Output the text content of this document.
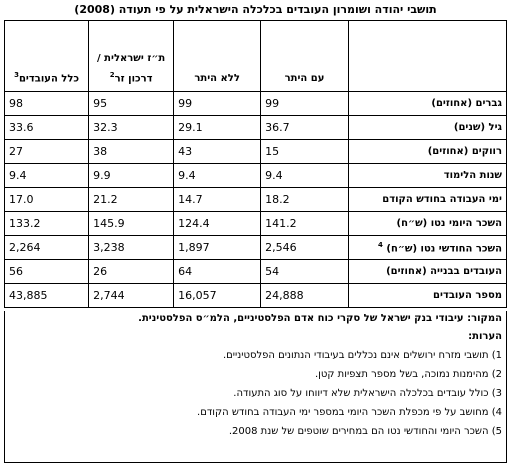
תושבי יהודה ושומרון העובדים בכלכלה הישראלית על פי תעודה (2008)
	עם היתר	ללא היתר	ת״ז ישראלית / דרכון זר$^2$	כלל העובדים$^3$
גברים (אחוזים)	99	99	95	98
גיל (שנים)	36.7	29.1	32.3	33.6
רווקים (אחוזים)	15	43	38	27
שנות הלימוד	9.4	9.4	9.9	9.4
ימי העבודה בחודש הקודם	18.2	14.7	21.2	17.0
השכר היומי נטו (ש״ח)	141.2	124.4	145.9	133.2
השכר החודשי נטו (ש״ח) $^4$	2,546	1,897	3,238	2,264
העובדים בבנייה (אחוזים)	54	64	26	56
מספר העובדים	24,888	16,057	2,744	43,885
המקור: עיבודי בנק ישראל של סקרי כוח אדם הפלסטיניים, הלמ״ס הפלסטינית.
הערות:
1) תושבי מזרח ירושלים אינם נכללים בעיבודי הנתונים הפלסטיניים.
2) מהימנות נמוכה, בשל מספר תצפיות קטן.
3) כולל עובדים בכלכלה הישראלית שלא דיווחו על סוג התעודה.
4) מחושב על פי מכפלת השכר היומי במספר ימי העבודה בחודש הקודם.
5) השכר היומי והחודשי נטו הם במחירים שוטפים של שנת 2008.
